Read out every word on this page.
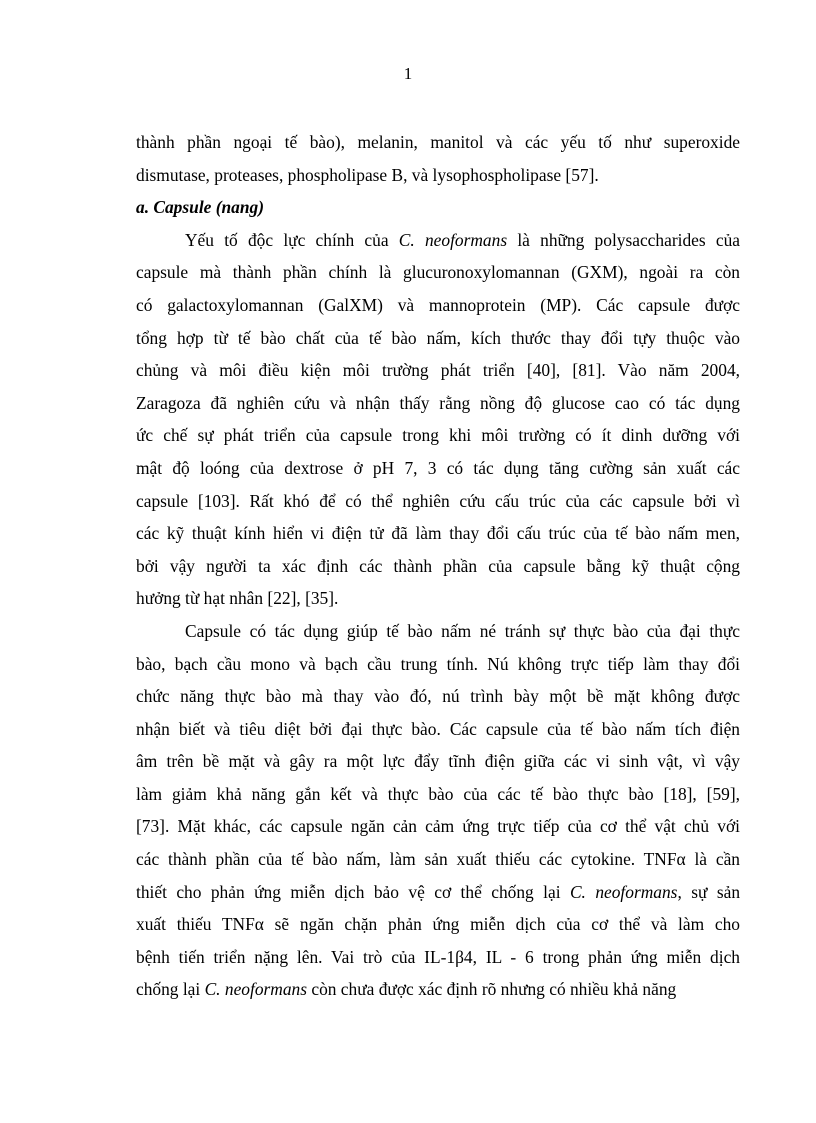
1

thành phần ngoại tế bào), melanin, manitol và các yếu tố như superoxide
dismutase, proteases, phospholipase B, và lysophospholipase [57].

a. Capsule (nang)

Yếu tố độc lực chính của C. neoformans là những polysaccharides của
capsule mà thành phần chính là glucuronoxylomannan (GXM), ngoài ra còn
có galactoxylomannan (GalXM) và mannoprotein (MP). Các capsule được
tổng hợp từ tế bào chất của tế bào nấm, kích thước thay đổi tựy thuộc vào
chủng và môi điều kiện môi trường phát triển [40], [81]. Vào năm 2004,
Zaragoza đã nghiên cứu và nhận thấy rằng nồng độ glucose cao có tác dụng
ức chế sự phát triển của capsule trong khi môi trường có ít dinh dưỡng với
mật độ loóng của dextrose ở pH 7, 3 có tác dụng tăng cường sản xuất các
capsule [103]. Rất khó để có thể nghiên cứu cấu trúc của các capsule bởi vì
các kỹ thuật kính hiển vi điện tử đã làm thay đổi cấu trúc của tế bào nấm men,
bởi vậy người ta xác định các thành phần của capsule bằng kỹ thuật cộng
hưởng từ hạt nhân [22], [35].

Capsule có tác dụng giúp tế bào nấm né tránh sự thực bào của đại thực
bào, bạch cầu mono và bạch cầu trung tính. Nú không trực tiếp làm thay đổi
chức năng thực bào mà thay vào đó, nú trình bày một bề mặt không được
nhận biết và tiêu diệt bởi đại thực bào. Các capsule của tế bào nấm tích điện
âm trên bề mặt và gây ra một lực đẩy tĩnh điện giữa các vi sinh vật, vì vậy
làm giảm khả năng gắn kết và thực bào của các tế bào thực bào [18], [59],
[73]. Mặt khác, các capsule ngăn cản cảm ứng trực tiếp của cơ thể vật chủ với
các thành phần của tế bào nấm, làm sản xuất thiếu các cytokine. TNFα là cần
thiết cho phản ứng miễn dịch bảo vệ cơ thể chống lại C. neoformans, sự sản
xuất thiếu TNFα sẽ ngăn chặn phản ứng miễn dịch của cơ thể và làm cho
bệnh tiến triển nặng lên. Vai trò của IL-1β4, IL - 6 trong phản ứng miễn dịch
chống lại C. neoformans còn chưa được xác định rõ nhưng có nhiều khả năng
